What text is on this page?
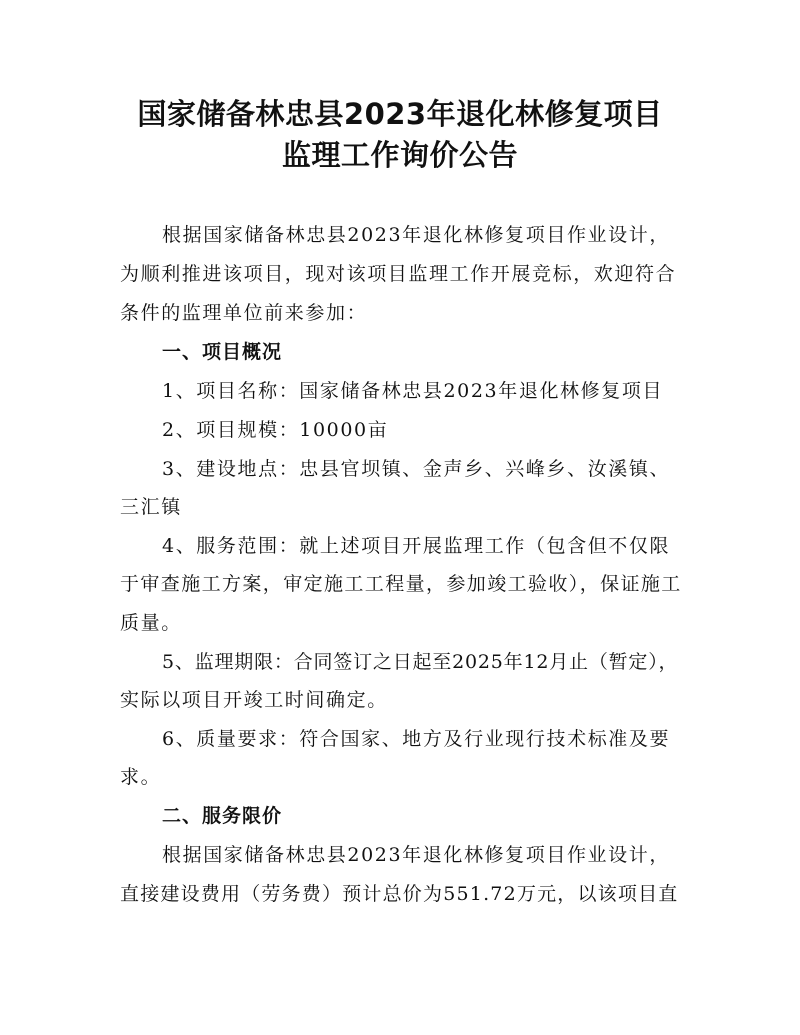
国家储备林忠县2023年退化林修复项目
监理工作询价公告
根据国家储备林忠县2023年退化林修复项目作业设计，
为顺利推进该项目，现对该项目监理工作开展竞标，欢迎符合
条件的监理单位前来参加：
一、项目概况
1、项目名称：国家储备林忠县2023年退化林修复项目
2、项目规模：10000亩
3、建设地点：忠县官坝镇、金声乡、兴峰乡、汝溪镇、
三汇镇
4、服务范围：就上述项目开展监理工作（包含但不仅限
于审查施工方案，审定施工工程量，参加竣工验收），保证施工
质量。
5、监理期限：合同签订之日起至2025年12月止（暂定），
实际以项目开竣工时间确定。
6、质量要求：符合国家、地方及行业现行技术标准及要
求。
二、服务限价
根据国家储备林忠县2023年退化林修复项目作业设计，
直接建设费用（劳务费）预计总价为551.72万元，以该项目直
